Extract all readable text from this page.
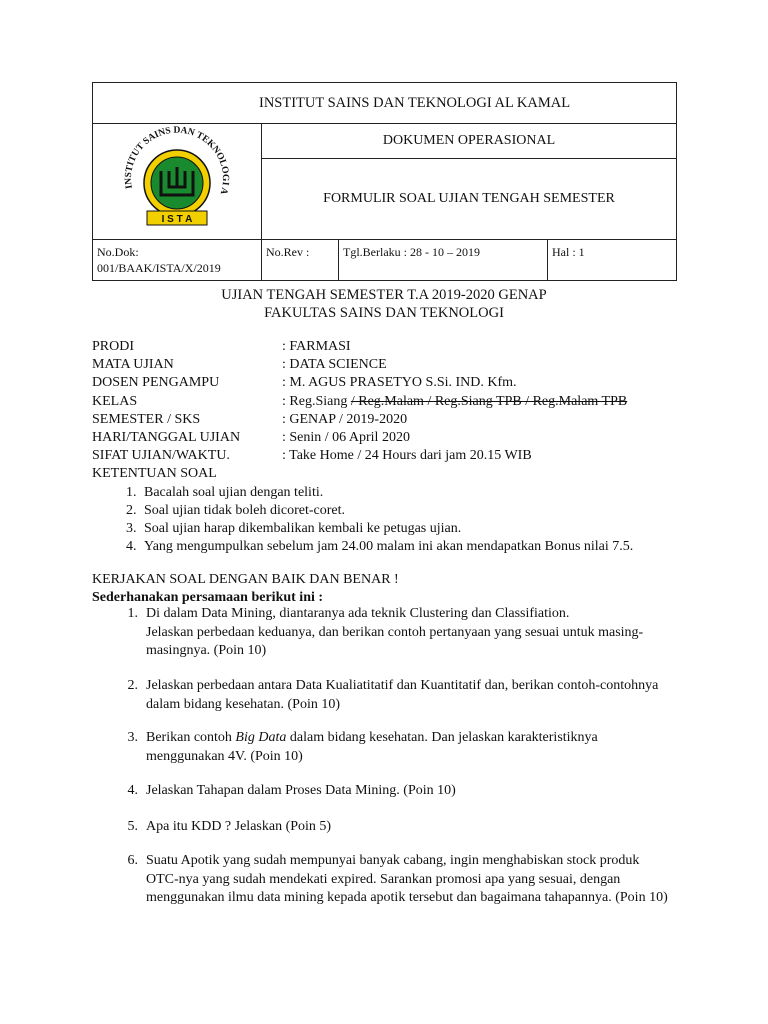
INSTITUT SAINS DAN TEKNOLOGI AL KAMAL			

INSTITUT SAINS DAN TEKNOLOGI A
I S T A	DOKUMEN OPERASIONAL		
	FORMULIR SOAL UJIAN TENGAH SEMESTER		

No.Dok:
001/BAAK/ISTA/X/2019	No.Rev :	Tgl.Berlaku : 28 - 10 – 2019	Hal : 1
UJIAN TENGAH SEMESTER T.A 2019-2020 GENAP
FAKULTAS SAINS DAN TEKNOLOGI
PRODI	: FARMASI
MATA UJIAN	: DATA SCIENCE
DOSEN PENGAMPU	: M. AGUS PRASETYO S.Si. IND. Kfm.
KELAS	: Reg.Siang / Reg.Malam / Reg.Siang TPB / Reg.Malam TPB
SEMESTER / SKS	: GENAP / 2019-2020
HARI/TANGGAL UJIAN	: Senin / 06 April 2020
SIFAT UJIAN/WAKTU.	: Take Home / 24 Hours dari jam 20.15 WIB
KETENTUAN SOAL
1. Bacalah soal ujian dengan teliti.
2. Soal ujian tidak boleh dicoret-coret.
3. Soal ujian harap dikembalikan kembali ke petugas ujian.
4. Yang mengumpulkan sebelum jam 24.00 malam ini akan mendapatkan Bonus nilai 7.5.
KERJAKAN SOAL DENGAN BAIK DAN BENAR !
Sederhanakan persamaan berikut ini :
1. Di dalam Data Mining, diantaranya ada teknik Clustering dan Classifiation.
Jelaskan perbedaan keduanya, dan berikan contoh pertanyaan yang sesuai untuk masing-masingnya. (Poin 10)
2. Jelaskan perbedaan antara Data Kualiatitatif dan Kuantitatif dan, berikan contoh-contohnya dalam bidang kesehatan. (Poin 10)
3. Berikan contoh Big Data dalam bidang kesehatan. Dan jelaskan karakteristiknya menggunakan 4V. (Poin 10)
4. Jelaskan Tahapan dalam Proses Data Mining. (Poin 10)
5. Apa itu KDD ? Jelaskan (Poin 5)
6. Suatu Apotik yang sudah mempunyai banyak cabang, ingin menghabiskan stock produk OTC-nya yang sudah mendekati expired. Sarankan promosi apa yang sesuai, dengan menggunakan ilmu data mining kepada apotik tersebut dan bagaimana tahapannya. (Poin 10)
